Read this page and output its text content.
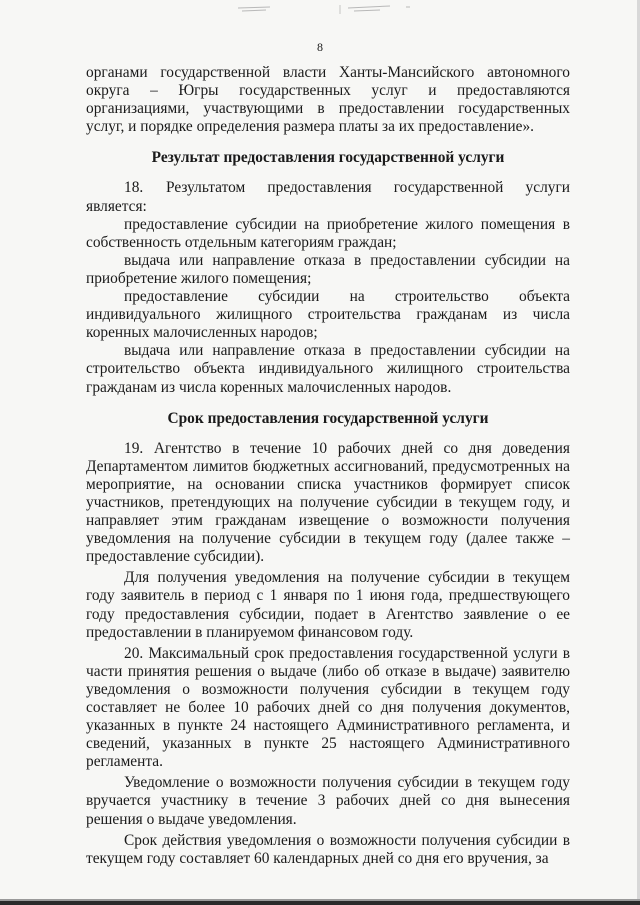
8

органами государственной власти Ханты-Мансийского автономного округа – Югры государственных услуг и предоставляются организациями, участвующими в предоставлении государственных услуг, и порядке определения размера платы за их предоставление».

Результат предоставления государственной услуги

18. Результатом предоставления государственной услуги является:

предоставление субсидии на приобретение жилого помещения в собственность отдельным категориям граждан;

выдача или направление отказа в предоставлении субсидии на приобретение жилого помещения;

предоставление субсидии на строительство объекта индивидуального жилищного строительства гражданам из числа коренных малочисленных народов;

выдача или направление отказа в предоставлении субсидии на строительство объекта индивидуального жилищного строительства гражданам из числа коренных малочисленных народов.

Срок предоставления государственной услуги

19. Агентство в течение 10 рабочих дней со дня доведения Департаментом лимитов бюджетных ассигнований, предусмотренных на мероприятие, на основании списка участников формирует список участников, претендующих на получение субсидии в текущем году, и направляет этим гражданам извещение о возможности получения уведомления на получение субсидии в текущем году (далее также – предоставление субсидии).

Для получения уведомления на получение субсидии в текущем году заявитель в период с 1 января по 1 июня года, предшествующего году предоставления субсидии, подает в Агентство заявление о ее предоставлении в планируемом финансовом году.

20. Максимальный срок предоставления государственной услуги в части принятия решения о выдаче (либо об отказе в выдаче) заявителю уведомления о возможности получения субсидии в текущем году составляет не более 10 рабочих дней со дня получения документов, указанных в пункте 24 настоящего Административного регламента, и сведений, указанных в пункте 25 настоящего Административного регламента.

Уведомление о возможности получения субсидии в текущем году вручается участнику в течение 3 рабочих дней со дня вынесения решения о выдаче уведомления.

Срок действия уведомления о возможности получения субсидии в текущем году составляет 60 календарных дней со дня его вручения, за
